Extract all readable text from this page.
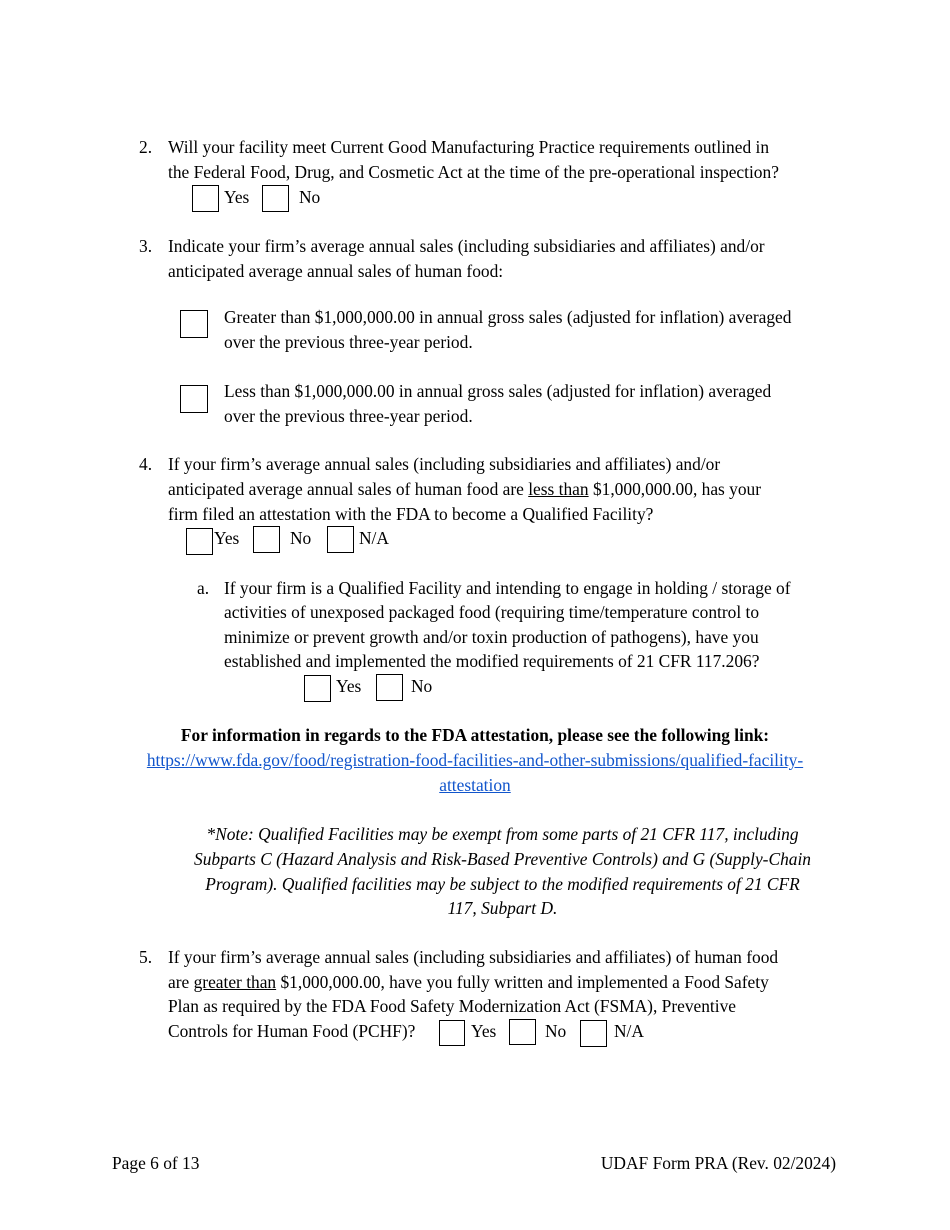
2. Will your facility meet Current Good Manufacturing Practice requirements outlined in
the Federal Food, Drug, and Cosmetic Act at the time of the pre-operational inspection?
Yes	No
3. Indicate your firm’s average annual sales (including subsidiaries and affiliates) and/or
anticipated average annual sales of human food:
Greater than $1,000,000.00 in annual gross sales (adjusted for inflation) averaged
over the previous three-year period.
Less than $1,000,000.00 in annual gross sales (adjusted for inflation) averaged
over the previous three-year period.
4. If your firm’s average annual sales (including subsidiaries and affiliates) and/or
anticipated average annual sales of human food are less than $1,000,000.00, has your
firm filed an attestation with the FDA to become a Qualified Facility?
Yes	No	N/A
a. If your firm is a Qualified Facility and intending to engage in holding / storage of
activities of unexposed packaged food (requiring time/temperature control to
minimize or prevent growth and/or toxin production of pathogens), have you
established and implemented the modified requirements of 21 CFR 117.206?
Yes	No
For information in regards to the FDA attestation, please see the following link:
https://www.fda.gov/food/registration-food-facilities-and-other-submissions/qualified-facility-
attestation
*Note: Qualified Facilities may be exempt from some parts of 21 CFR 117, including
Subparts C (Hazard Analysis and Risk-Based Preventive Controls) and G (Supply-Chain
Program). Qualified facilities may be subject to the modified requirements of 21 CFR
117, Subpart D.
5. If your firm’s average annual sales (including subsidiaries and affiliates) of human food
are greater than $1,000,000.00, have you fully written and implemented a Food Safety
Plan as required by the FDA Food Safety Modernization Act (FSMA), Preventive
Controls for Human Food (PCHF)?	Yes	No	N/A
Page 6 of 13	UDAF Form PRA (Rev. 02/2024)
